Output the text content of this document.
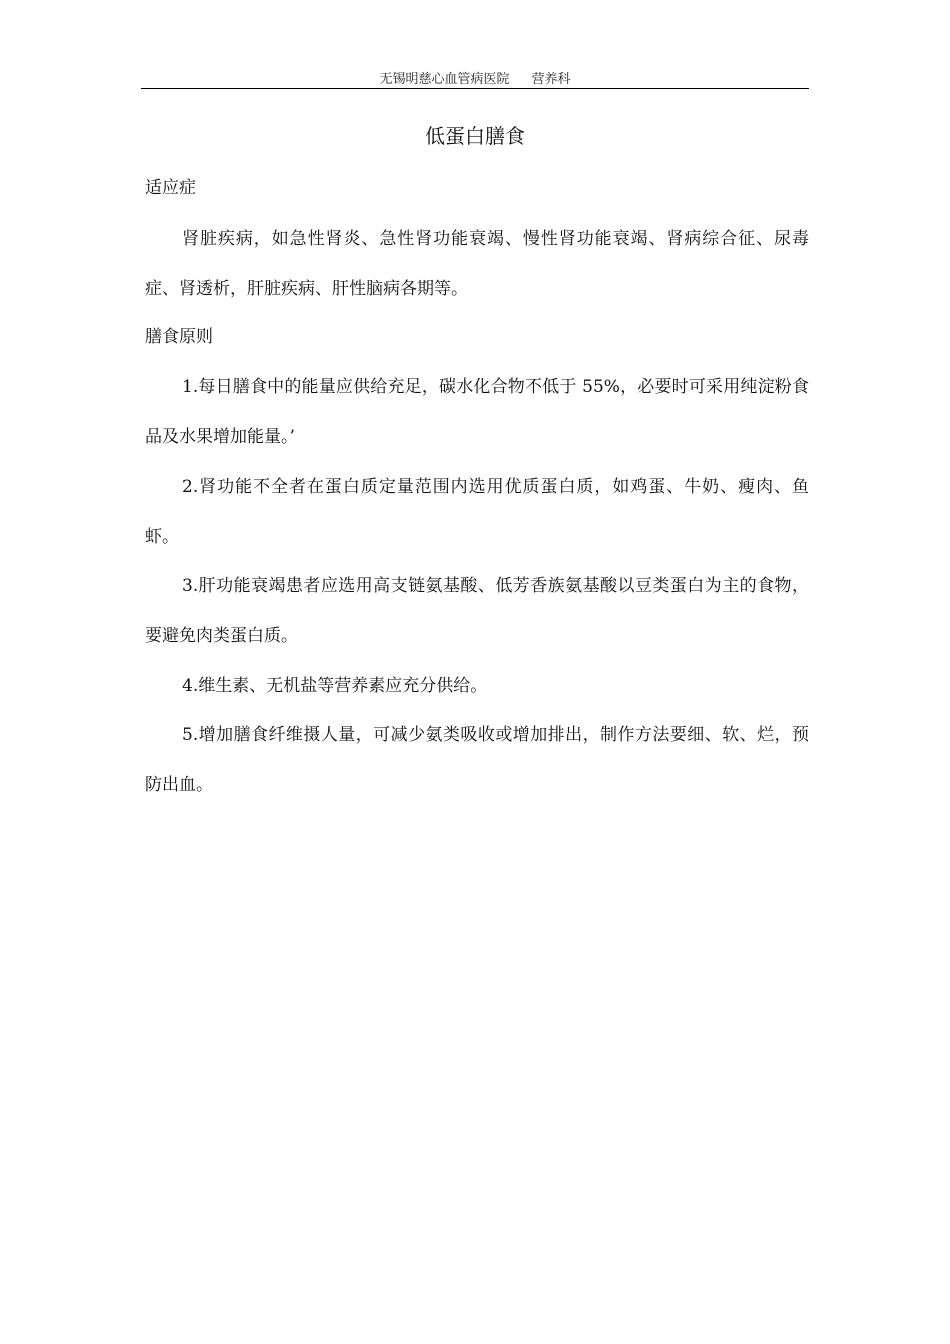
无锡明慈心血管病医院 营养科
低蛋白膳食
适应症

肾脏疾病，如急性肾炎、急性肾功能衰竭、慢性肾功能衰竭、肾病综合征、尿毒症、肾透析，肝脏疾病、肝性脑病各期等。

膳食原则

1.每日膳食中的能量应供给充足，碳水化合物不低于 55%，必要时可采用纯淀粉食品及水果增加能量。’

2.肾功能不全者在蛋白质定量范围内选用优质蛋白质，如鸡蛋、牛奶、瘦肉、鱼虾。

3.肝功能衰竭患者应选用高支链氨基酸、低芳香族氨基酸以豆类蛋白为主的食物， 要避免肉类蛋白质。

4.维生素、无机盐等营养素应充分供给。

5.增加膳食纤维摄人量，可减少氨类吸收或增加排出，制作方法要细、软、烂，预防出血。
